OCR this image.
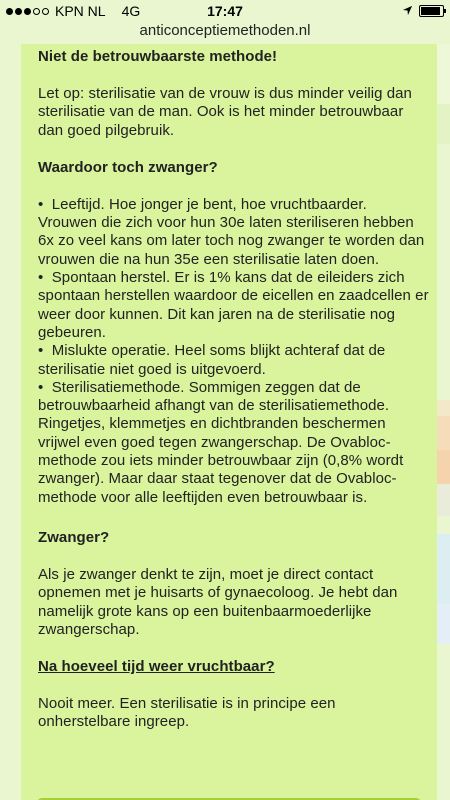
KPN NL 4G	17:47
anticonceptiemethoden.nl
Niet de betrouwbaarste methode!

Let op: sterilisatie van de vrouw is dus minder veilig dan sterilisatie van de man. Ook is het minder betrouwbaar dan goed pilgebruik.

Waardoor toch zwanger?
•  Leeftijd. Hoe jonger je bent, hoe vruchtbaarder. Vrouwen die zich voor hun 30e laten steriliseren hebben 6x zo veel kans om later toch nog zwanger te worden dan vrouwen die na hun 35e een sterilisatie laten doen.
•  Spontaan herstel. Er is 1% kans dat de eileiders zich spontaan herstellen waardoor de eicellen en zaadcellen er weer door kunnen. Dit kan jaren na de sterilisatie nog gebeuren.
•  Mislukte operatie. Heel soms blijkt achteraf dat de sterilisatie niet goed is uitgevoerd.
•  Sterilisatiemethode. Sommigen zeggen dat de betrouwbaarheid afhangt van de sterilisatiemethode. Ringetjes, klemmetjes en dichtbranden beschermen vrijwel even goed tegen zwangerschap. De Ovabloc-methode zou iets minder betrouwbaar zijn (0,8% wordt zwanger). Maar daar staat tegenover dat de Ovabloc-methode voor alle leeftijden even betrouwbaar is.
Zwanger?

Als je zwanger denkt te zijn, moet je direct contact opnemen met je huisarts of gynaecoloog. Je hebt dan namelijk grote kans op een buitenbaarmoederlijke zwangerschap.

Na hoeveel tijd weer vruchtbaar?

Nooit meer. Een sterilisatie is in principe een onherstelbare ingreep.
